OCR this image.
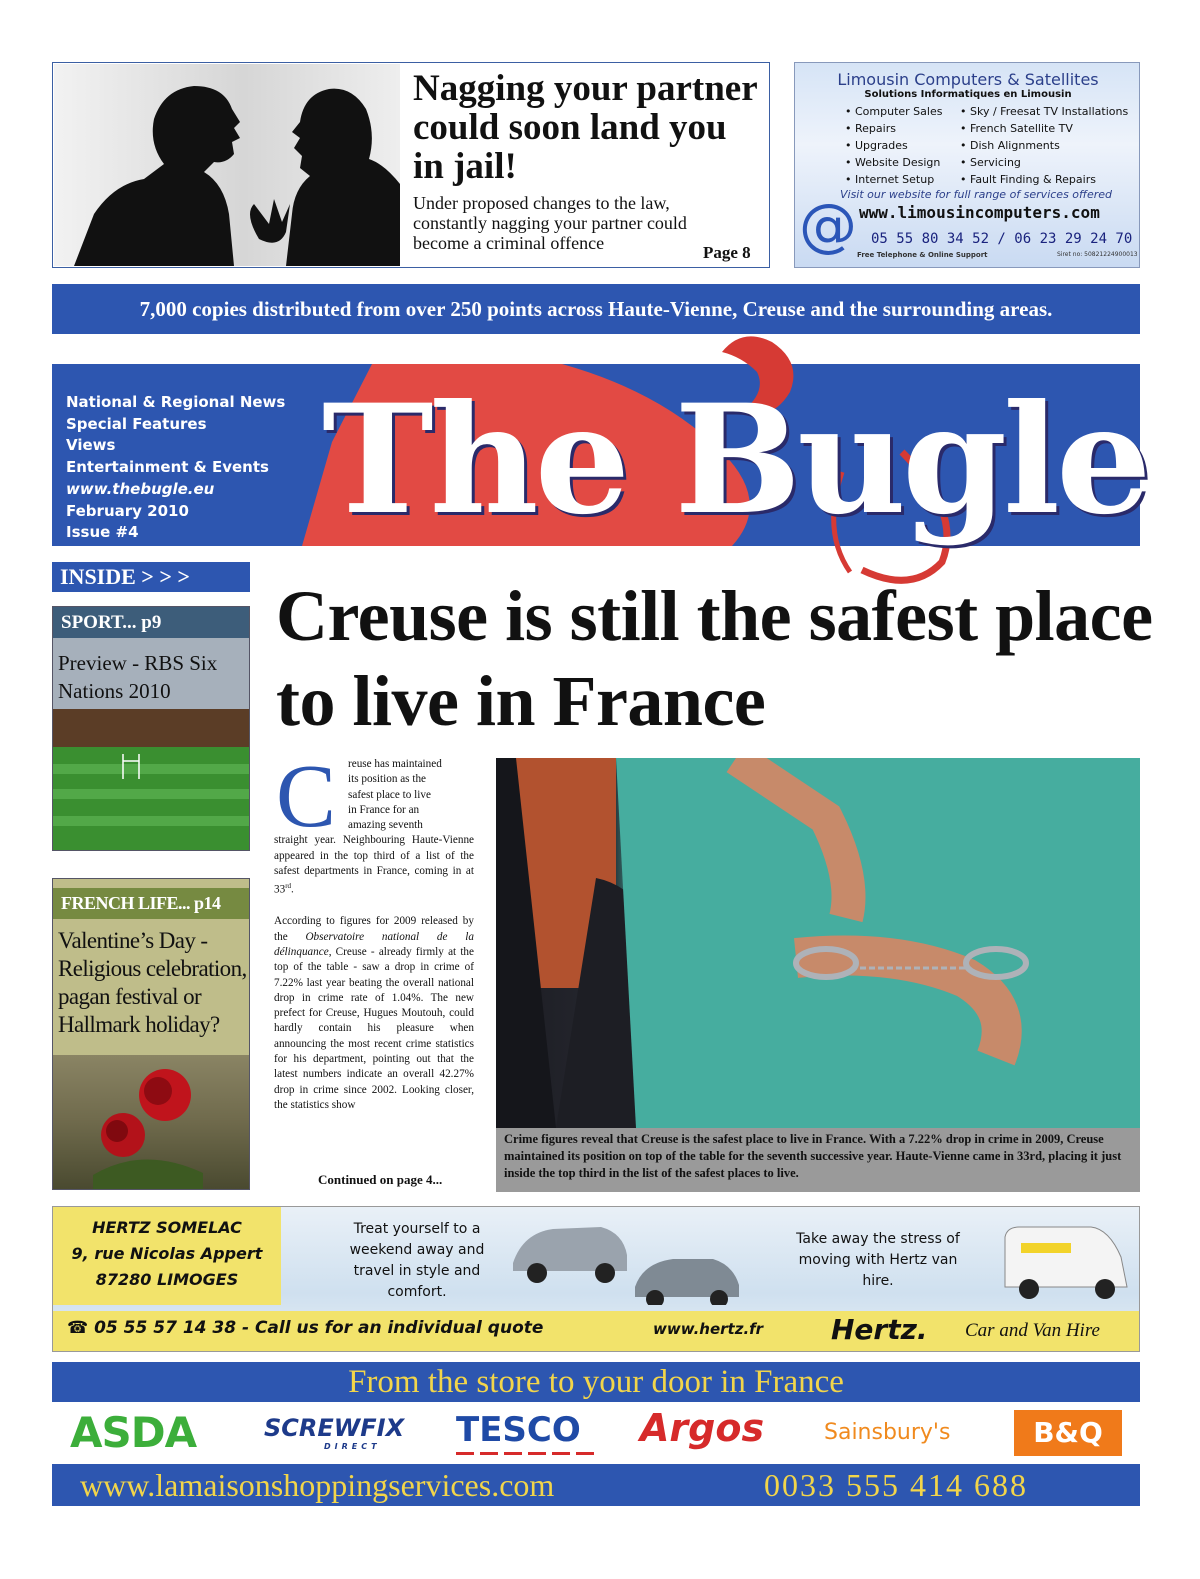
Nagging your partner could soon land you in jail!
Under proposed changes to the law, constantly nagging your partner could become a criminal offence	Page 8
Limousin Computers & Satellites
Solutions Informatiques en Limousin
• Computer Sales
• Repairs
• Upgrades
• Website Design
• Internet Setup
• Sky / Freesat TV Installations
• French Satellite TV
• Dish Alignments
• Servicing
• Fault Finding & Repairs
Visit our website for full range of services offered
@ www.limousincomputers.com
05 55 80 34 52 / 06 23 29 24 70
Free Telephone & Online Support	Siret no: 50821224900013
7,000 copies distributed from over 250 points across Haute-Vienne, Creuse and the surrounding areas.
National & Regional News
Special Features
Views
Entertainment & Events
www.thebugle.eu
February 2010
Issue #4	The Bugle
INSIDE > > >
SPORT... p9
Preview - RBS Six Nations 2010
FRENCH LIFE... p14
Valentine’s Day - Religious celebration, pagan festival or Hallmark holiday?
Creuse is still the safest place to live in France
C	reuse has maintained
its position as the
safest place to live
in France for an
amazing seventh
straight year. Neighbouring Haute-Vienne appeared in the top third of a list of the safest departments in France, coming in at 33rd.

According to figures for 2009 released by the Observatoire national de la délinquance, Creuse - already firmly at the top of the table - saw a drop in crime of 7.22% last year beating the overall national drop in crime rate of 1.04%. The new prefect for Creuse, Hugues Moutouh, could hardly contain his pleasure when announcing the most recent crime statistics for his department, pointing out that the latest numbers indicate an overall 42.27% drop in crime since 2002. Looking closer, the statistics show

Continued on page 4...
Crime figures reveal that Creuse is the safest place to live in France. With a 7.22% drop in crime in 2009, Creuse maintained its position on top of the table for the seventh successive year. Haute-Vienne came in 33rd, placing it just inside the top third in the list of the safest places to live.
HERTZ SOMELAC
9, rue Nicolas Appert
87280 LIMOGES
Treat yourself to a weekend away and travel in style and comfort.
Take away the stress of moving with Hertz van hire.
☎ 05 55 57 14 38 - Call us for an individual quote	www.hertz.fr Hertz. Car and Van Hire
From the store to your door in France
ASDA	SCREWFIX
DIRECT	TESCO	Argos	Sainsbury's	B&Q
www.lamaisonshoppingservices.com	0033 555 414 688
